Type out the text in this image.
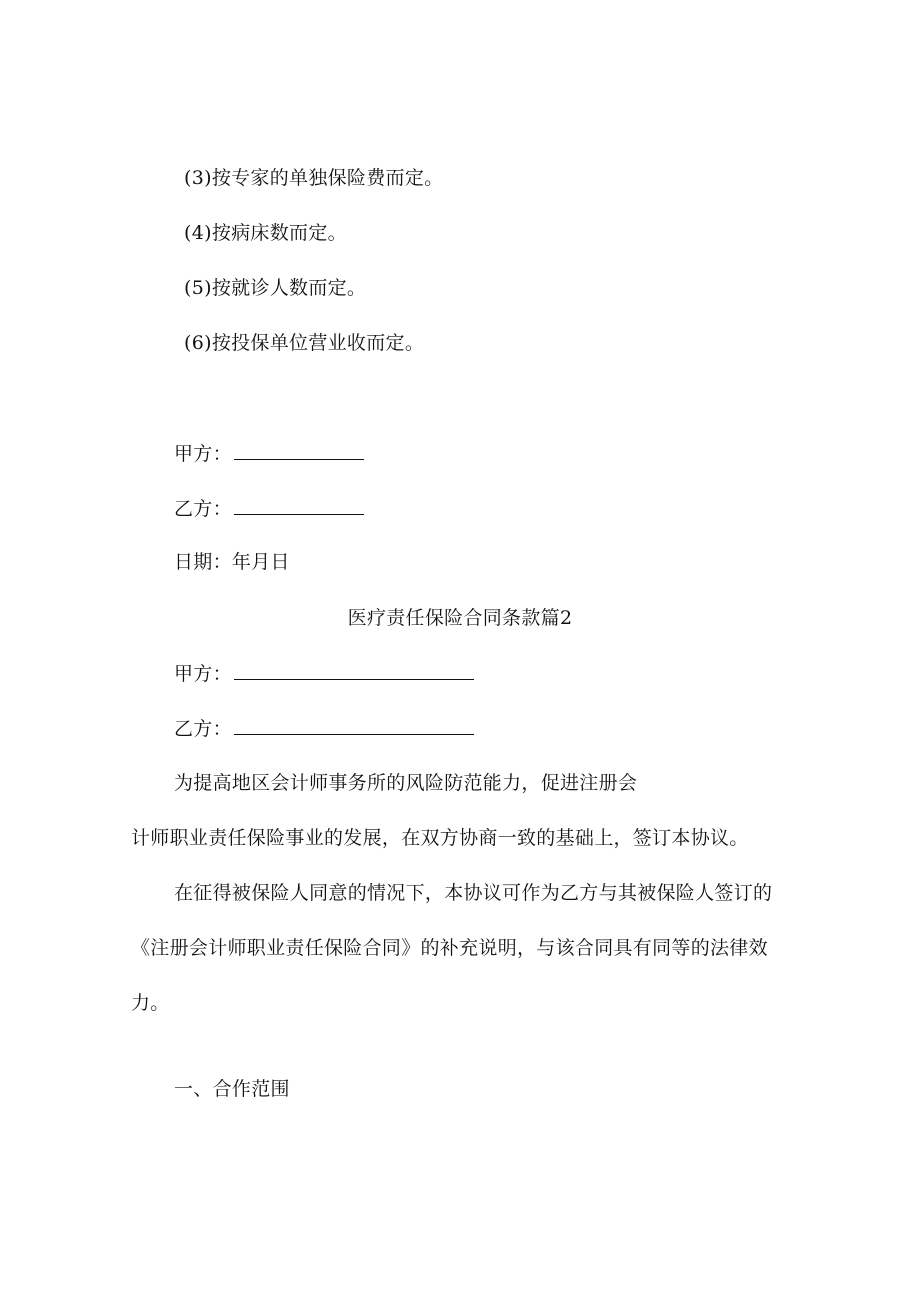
(3)按专家的单独保险费而定。
(4)按病床数而定。
(5)按就诊人数而定。
(6)按投保单位营业收而定。
甲方：
乙方：
日期：年月日
医疗责任保险合同条款篇2
甲方：
乙方：
为提高地区会计师事务所的风险防范能力，促进注册会
计师职业责任保险事业的发展，在双方协商一致的基础上，签订本协议。
在征得被保险人同意的情况下，本协议可作为乙方与其被保险人签订的
《注册会计师职业责任保险合同》的补充说明，与该合同具有同等的法律效
力。
一、合作范围
